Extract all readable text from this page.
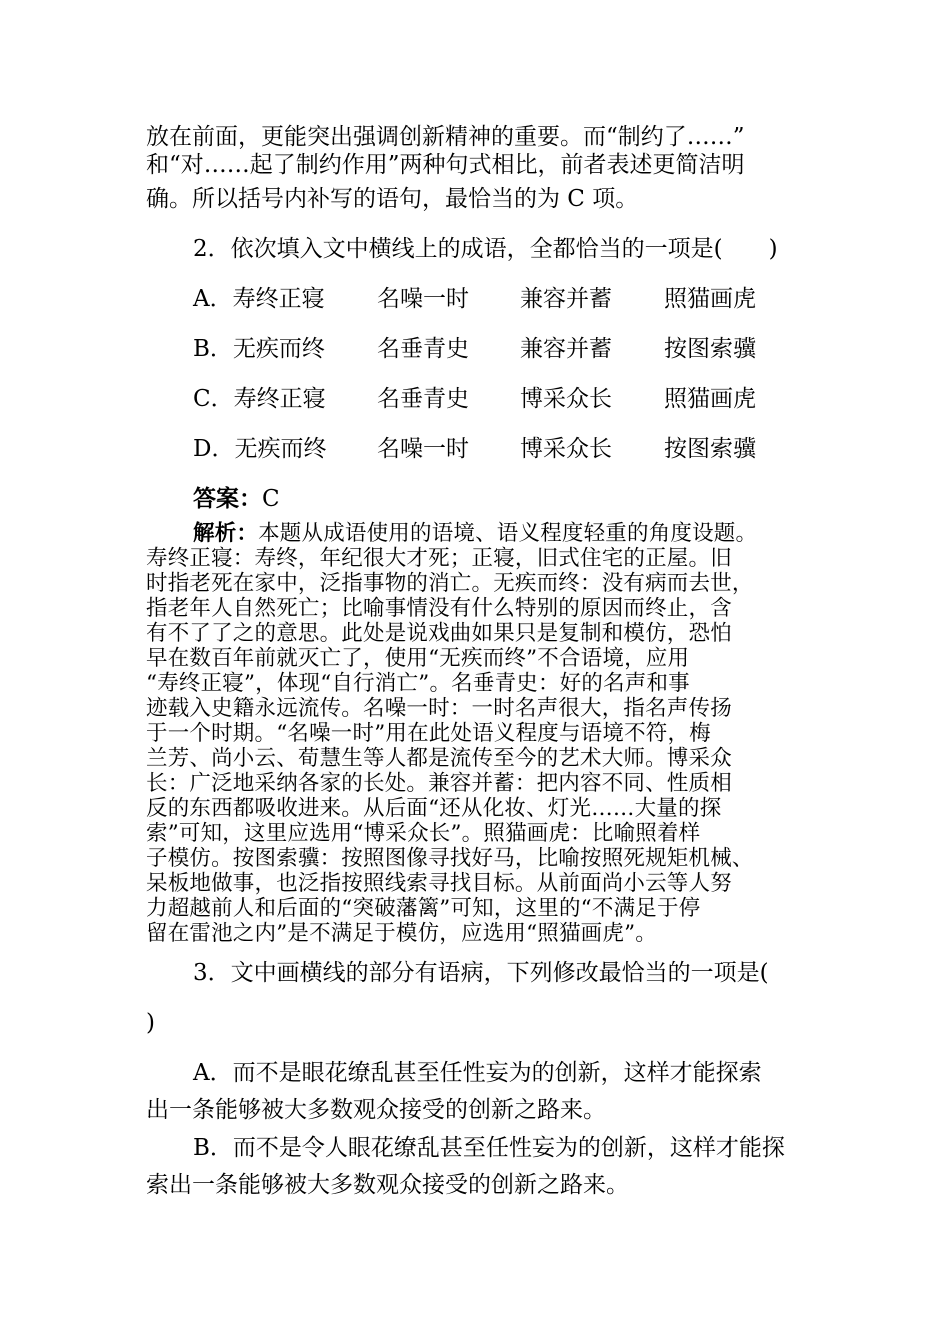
放在前面，更能突出强调创新精神的重要。而“制约了……”
和“对……起了制约作用”两种句式相比，前者表述更简洁明
确。所以括号内补写的语句，最恰当的为 C 项。
2．依次填入文中横线上的成语，全都恰当的一项是(　　)
A．寿终正寝 名噪一时 兼容并蓄 照猫画虎
B．无疾而终 名垂青史 兼容并蓄 按图索骥
C．寿终正寝 名垂青史 博采众长 照猫画虎
D．无疾而终 名噪一时 博采众长 按图索骥
答案：C
解析：本题从成语使用的语境、语义程度轻重的角度设题。
寿终正寝：寿终，年纪很大才死；正寝，旧式住宅的正屋。旧
时指老死在家中，泛指事物的消亡。无疾而终：没有病而去世，
指老年人自然死亡；比喻事情没有什么特别的原因而终止，含
有不了了之的意思。此处是说戏曲如果只是复制和模仿，恐怕
早在数百年前就灭亡了，使用“无疾而终”不合语境，应用
“寿终正寝”，体现“自行消亡”。名垂青史：好的名声和事
迹载入史籍永远流传。名噪一时：一时名声很大，指名声传扬
于一个时期。“名噪一时”用在此处语义程度与语境不符，梅
兰芳、尚小云、荀慧生等人都是流传至今的艺术大师。博采众
长：广泛地采纳各家的长处。兼容并蓄：把内容不同、性质相
反的东西都吸收进来。从后面“还从化妆、灯光……大量的探
索”可知，这里应选用“博采众长”。照猫画虎：比喻照着样
子模仿。按图索骥：按照图像寻找好马，比喻按照死规矩机械、
呆板地做事，也泛指按照线索寻找目标。从前面尚小云等人努
力超越前人和后面的“突破藩篱”可知，这里的“不满足于停
留在雷池之内”是不满足于模仿，应选用“照猫画虎”。
3．文中画横线的部分有语病，下列修改最恰当的一项是(
)
A．而不是眼花缭乱甚至任性妄为的创新，这样才能探索
出一条能够被大多数观众接受的创新之路来。
B．而不是令人眼花缭乱甚至任性妄为的创新，这样才能探
索出一条能够被大多数观众接受的创新之路来。
